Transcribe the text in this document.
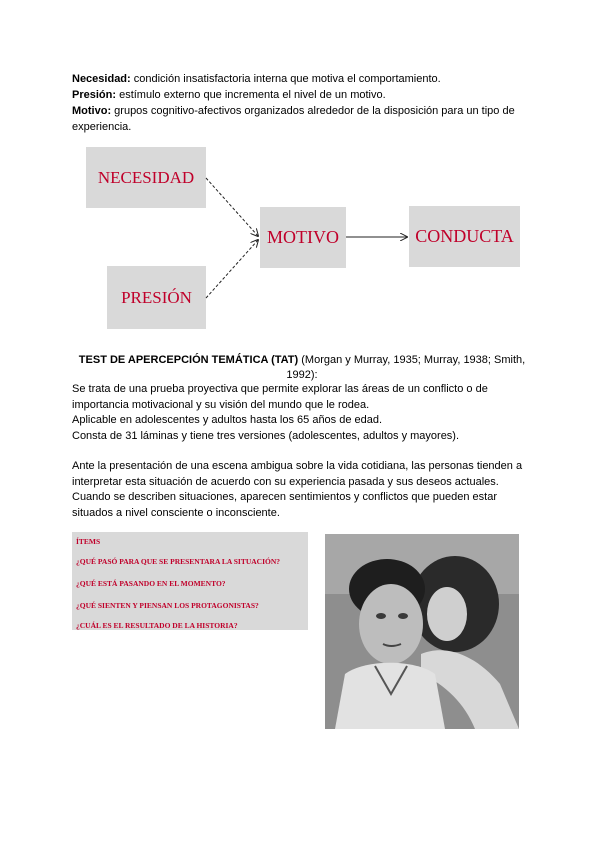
Necesidad: condición insatisfactoria interna que motiva el comportamiento.

Presión: estímulo externo que incrementa el nivel de un motivo.

Motivo: grupos cognitivo-afectivos organizados alrededor de la disposición para un tipo de experiencia.

NECESIDAD
PRESIÓN
MOTIVO	CONDUCTA
TEST DE APERCEPCIÓN TEMÁTICA (TAT) (Morgan y Murray, 1935; Murray, 1938; Smith, 1992):

Se trata de una prueba proyectiva que permite explorar las áreas de un conflicto o de importancia motivacional y su visión del mundo que le rodea.

Aplicable en adolescentes y adultos hasta los 65 años de edad.

Consta de 31 láminas y tiene tres versiones (adolescentes, adultos y mayores).

Ante la presentación de una escena ambigua sobre la vida cotidiana, las personas tienden a interpretar esta situación de acuerdo con su experiencia pasada y sus deseos actuales. Cuando se describen situaciones, aparecen sentimientos y conflictos que pueden estar situados a nivel consciente o inconsciente.

ÍTEMS
¿QUÉ PASÓ PARA QUE SE PRESENTARA LA SITUACIÓN?
¿QUÉ ESTÁ PASANDO EN EL MOMENTO?
¿QUÉ SIENTEN Y PIENSAN LOS PROTAGONISTAS?
¿CUÁL ES EL RESULTADO DE LA HISTORIA?
